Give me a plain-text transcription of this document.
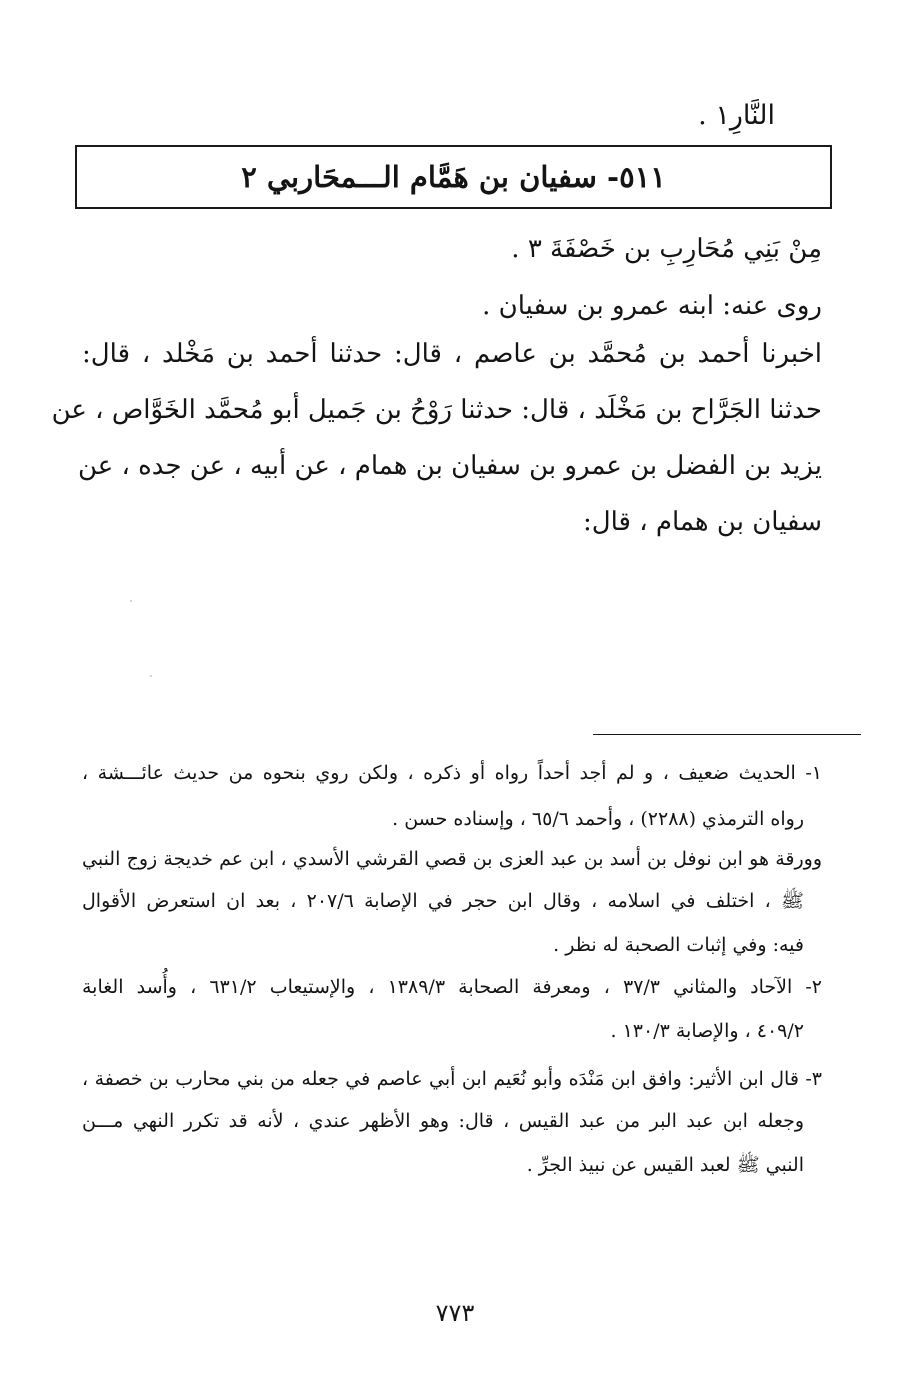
النَّارِ١ .
٥١١- سفيان بن هَمَّام الـــمحَاربي ٢
مِنْ بَنِي مُحَارِبِ بن خَصْفَةَ ٣ .
روى عنه: ابنه عمرو بن سفيان .
اخبرنا أحمد بن مُحمَّد بن عاصم ، قال: حدثنا أحمد بن مَخْلد ، قال:
حدثنا الجَرَّاح بن مَخْلَد ، قال: حدثنا رَوْحُ بن جَميل أبو مُحمَّد الخَوَّاص ، عن
يزيد بن الفضل بن عمرو بن سفيان بن همام ، عن أبيه ، عن جده ، عن
سفيان بن همام ، قال:
١- الحديث ضعيف ، و لم أجد أحداً رواه أو ذكره ، ولكن روي بنحوه من حديث عائـــشة ،
رواه الترمذي (٢٢٨٨) ، وأحمد ٦٥/٦ ، وإسناده حسن .
وورقة هو ابن نوفل بن أسد بن عبد العزى بن قصي القرشي الأسدي ، ابن عم خديجة زوج النبي
ﷺ ، اختلف في اسلامه ، وقال ابن حجر في الإصابة ٢٠٧/٦ ، بعد ان استعرض الأقوال
فيه: وفي إثبات الصحبة له نظر .
٢- الآحاد والمثاني ٣٧/٣ ، ومعرفة الصحابة ١٣٨٩/٣ ، والإستيعاب ٦٣١/٢ ، وأُسد الغابة
٤٠٩/٢ ، والإصابة ١٣٠/٣ .
٣- قال ابن الأثير: وافق ابن مَنْدَه وأبو نُعَيم ابن أبي عاصم في جعله من بني محارب بن خصفة ،
وجعله ابن عبد البر من عبد القيس ، قال: وهو الأظهر عندي ، لأنه قد تكرر النهي مـــن
النبي ﷺ لعبد القيس عن نبيذ الجرِّ .
٧٧٣
